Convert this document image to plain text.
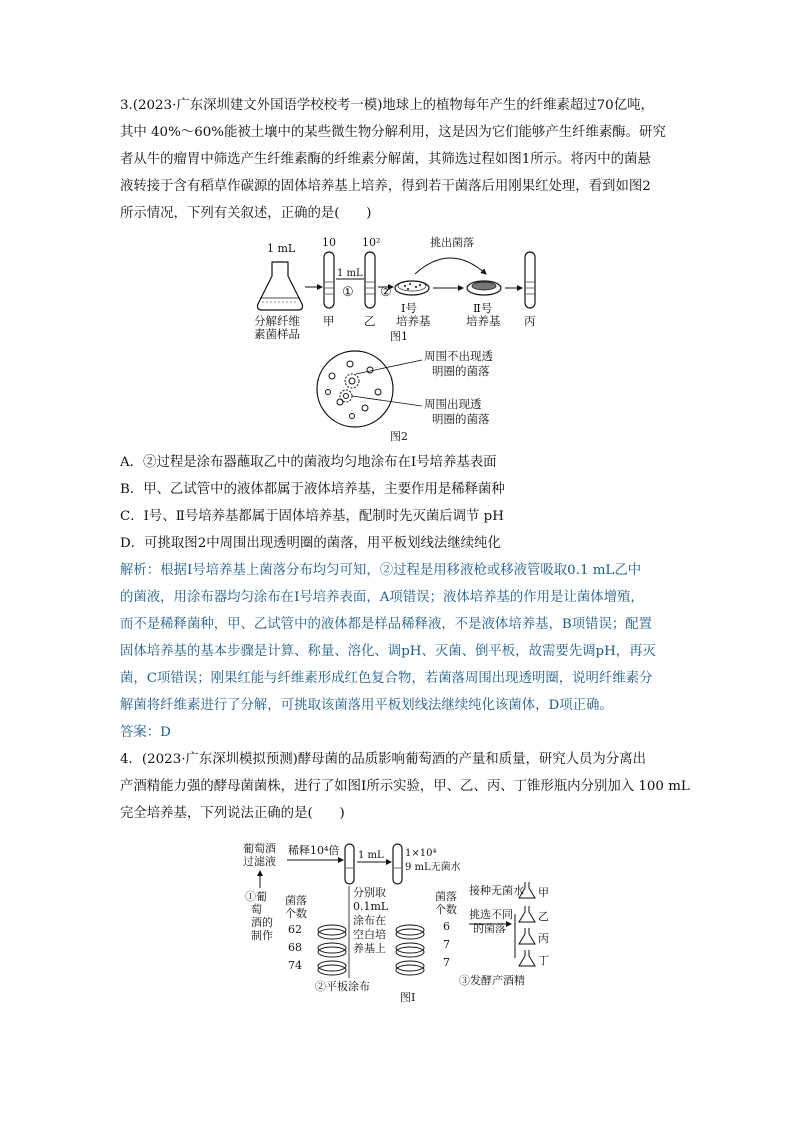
3.(2023·广东深圳建文外国语学校校考一模)地球上的植物每年产生的纤维素超过70亿吨，
其中 40%～60%能被土壤中的某些微生物分解利用，这是因为它们能够产生纤维素酶。研究
者从牛的瘤胃中筛选产生纤维素酶的纤维素分解菌，其筛选过程如图1所示。将丙中的菌悬
液转接于含有稻草作碳源的固体培养基上培养，得到若干菌落后用刚果红处理，看到如图2
所示情况，下列有关叙述，正确的是(　　)
1 mL 10
1 mL
①
10²
②
挑出菌落
分解纤维
素菌样品
甲	乙
Ⅰ号
培养基
Ⅱ号
培养基 丙
图1
周围不出现透
明圈的菌落
周围出现透
明圈的菌落
图2
A．②过程是涂布器蘸取乙中的菌液均匀地涂布在Ⅰ号培养基表面
B．甲、乙试管中的液体都属于液体培养基，主要作用是稀释菌种
C．Ⅰ号、Ⅱ号培养基都属于固体培养基，配制时先灭菌后调节 pH
D．可挑取图2中周围出现透明圈的菌落，用平板划线法继续纯化
解析：根据Ⅰ号培养基上菌落分布均匀可知，②过程是用移液枪或移液管吸取0.1 mL乙中
的菌液，用涂布器均匀涂布在Ⅰ号培养表面，A项错误；液体培养基的作用是让菌体增殖，
而不是稀释菌种，甲、乙试管中的液体都是样品稀释液，不是液体培养基，B项错误；配置
固体培养基的基本步骤是计算、称量、溶化、调pH、灭菌、倒平板，故需要先调pH，再灭
菌，C项错误；刚果红能与纤维素形成红色复合物，若菌落周围出现透明圈，说明纤维素分
解菌将纤维素进行了分解，可挑取该菌落用平板划线法继续纯化该菌体，D项正确。
答案：D
4．(2023·广东深圳模拟预测)酵母菌的品质影响葡萄酒的产量和质量，研究人员为分离出
产酒精能力强的酵母菌菌株，进行了如图Ⅰ所示实验，甲、乙、丙、丁锥形瓶内分别加入 100 mL
完全培养基，下列说法正确的是(　　)
葡萄酒
过滤液
①葡
萄
酒的
制作
稀释10⁴倍 1 mL 1×10⁴
9 mL无菌水
菌落
个数
62
68
74
分别取
0.1mL
涂布在
空白培
养基上
菌落
个数
6
7
7
②平板涂布
接种无菌水
挑选不同
的菌落
甲
乙
丙
丁
③发酵产酒精
图Ⅰ
